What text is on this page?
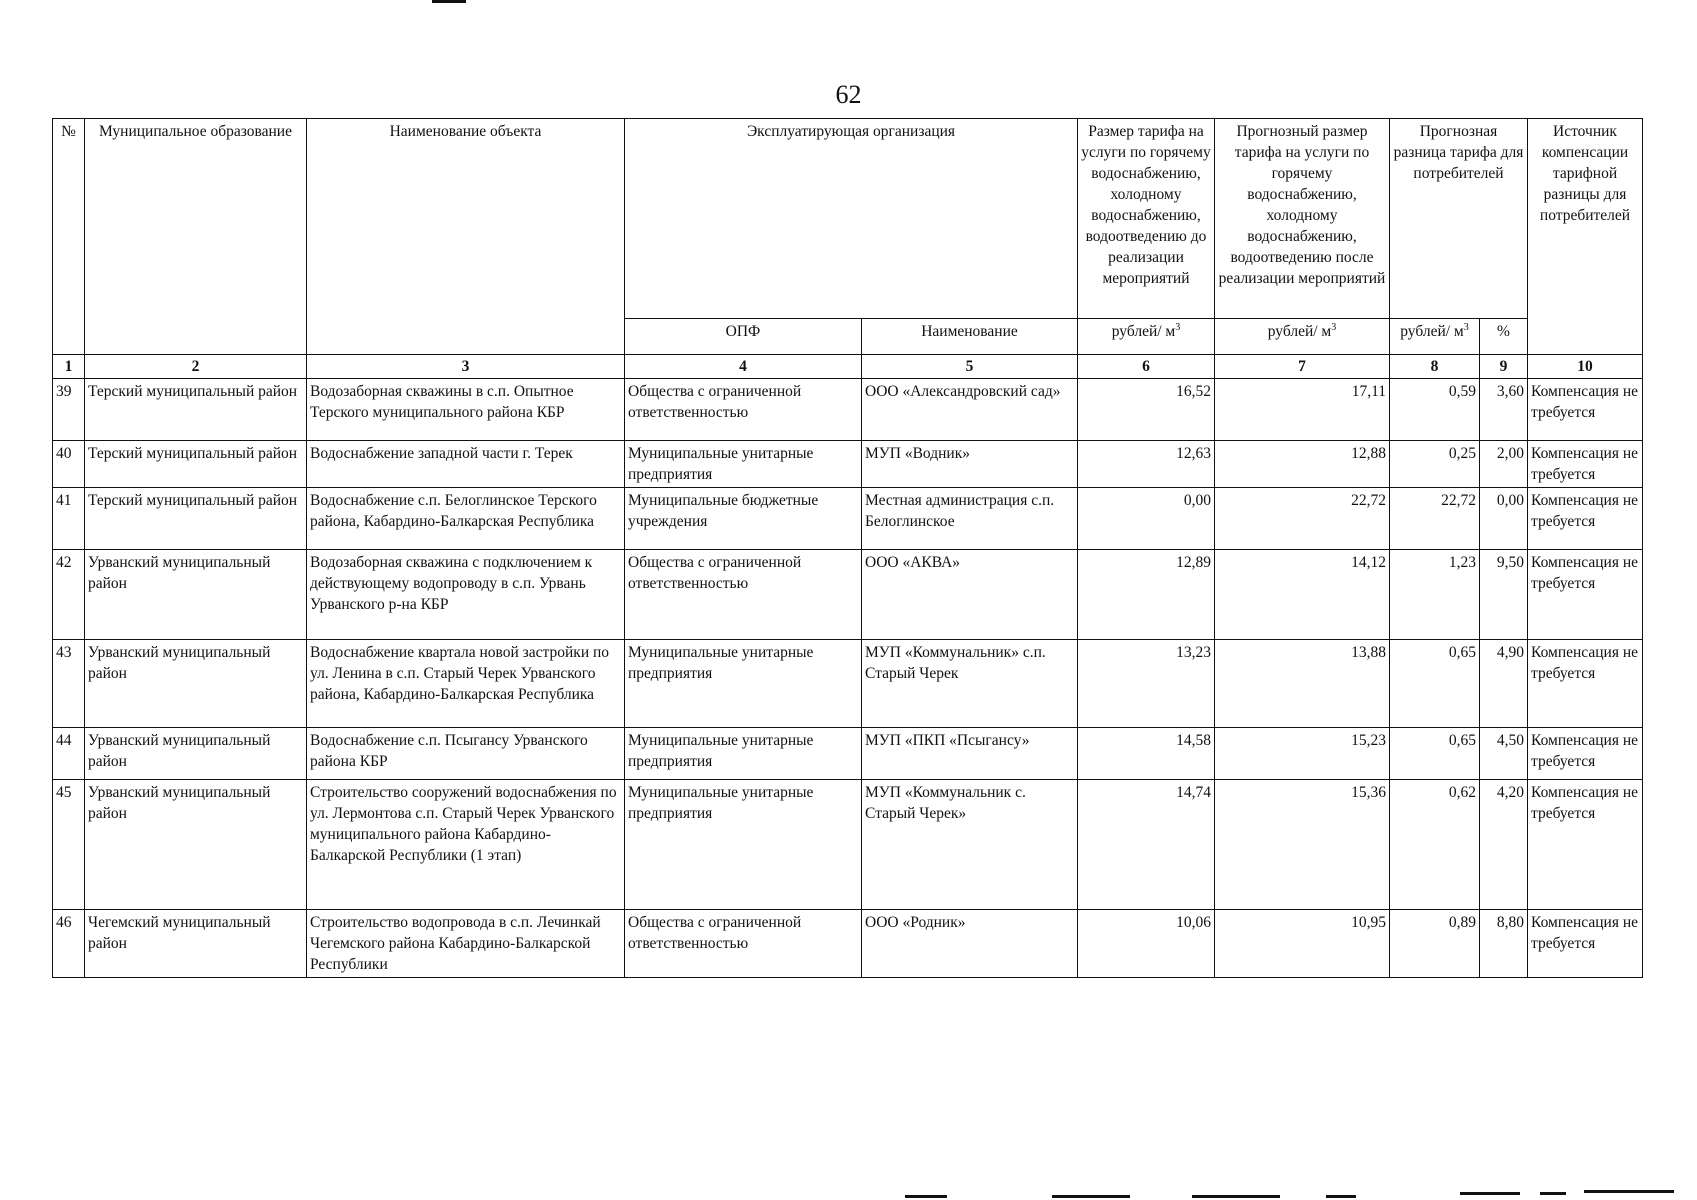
62
№	Муниципальное образование	Наименование объекта	Эксплуатирующая организация		Размер тарифа на услуги по горячему водоснабжению, холодному водоснабжению, водоотведению до реализации мероприятий	Прогнозный размер тарифа на услуги по горячему водоснабжению, холодному водоснабжению, водоотведению после реализации мероприятий	Прогнозная разница тарифа для потребителей		Источник компенсации тарифной разницы для потребителей
			ОПФ	Наименование	рублей/ $м^3$	рублей/ $м^3$	рублей/ $м^3$	%	
1	2	3	4	5	6	7	8	9	10
39	Терский муниципальный район	Водозаборная скважины в с.п. Опытное Терского муниципального района КБР	Общества с ограниченной ответственностью	ООО «Александровский сад»	16,52	17,11	0,59	3,60	Компенсация не требуется
40	Терский муниципальный район	Водоснабжение западной части г. Терек	Муниципальные унитарные предприятия	МУП «Водник»	12,63	12,88	0,25	2,00	Компенсация не требуется
41	Терский муниципальный район	Водоснабжение с.п. Белоглинское Терского района, Кабардино-Балкарская Республика	Муниципальные бюджетные учреждения	Местная администрация с.п. Белоглинское	0,00	22,72	22,72	0,00	Компенсация не требуется
42	Урванский муниципальный район	Водозаборная скважина с подключением к действующему водопроводу в с.п. Урвань Урванского р-на КБР	Общества с ограниченной ответственностью	ООО «АКВА»	12,89	14,12	1,23	9,50	Компенсация не требуется
43	Урванский муниципальный район	Водоснабжение квартала новой застройки по ул. Ленина в с.п. Старый Черек Урванского района, Кабардино-Балкарская Республика	Муниципальные унитарные предприятия	МУП «Коммунальник» с.п. Старый Черек	13,23	13,88	0,65	4,90	Компенсация не требуется
44	Урванский муниципальный район	Водоснабжение с.п. Псыгансу Урванского района КБР	Муниципальные унитарные предприятия	МУП «ПКП «Псыгансу»	14,58	15,23	0,65	4,50	Компенсация не требуется
45	Урванский муниципальный район	Строительство сооружений водоснабжения по ул. Лермонтова с.п. Старый Черек Урванского муниципального района Кабардино-Балкарской Республики (1 этап)	Муниципальные унитарные предприятия	МУП «Коммунальник с. Старый Черек»	14,74	15,36	0,62	4,20	Компенсация не требуется
46	Чегемский муниципальный район	Строительство водопровода в с.п. Лечинкай Чегемского района Кабардино-Балкарской Республики	Общества с ограниченной ответственностью	ООО «Родник»	10,06	10,95	0,89	8,80	Компенсация не требуется
